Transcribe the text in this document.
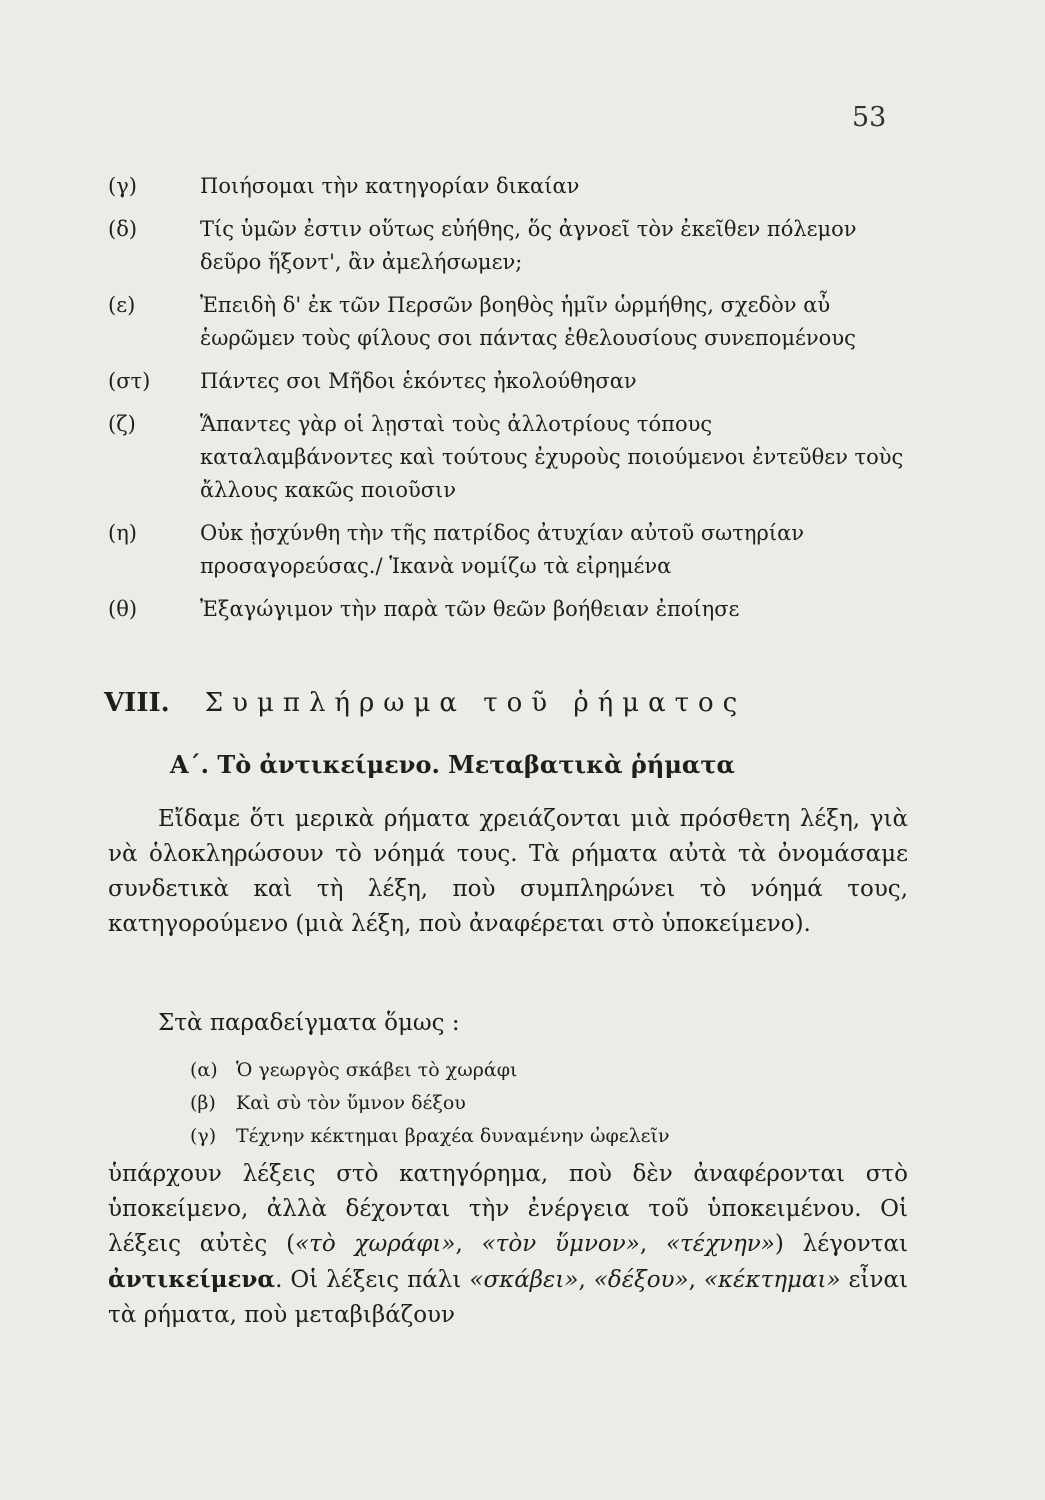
53
(γ)	Ποιήσομαι τὴν κατηγορίαν δικαίαν
(δ)	Τίς ὑμῶν ἐστιν οὕτως εὐήθης, ὅς ἀγνοεῖ τὸν ἐκεῖθεν πόλεμον δεῦρο ἥξοντ', ἂν ἀμελήσωμεν;
(ε)	Ἐπειδὴ δ' ἐκ τῶν Περσῶν βοηθὸς ἡμῖν ὡρμήθης, σχεδὸν αὖ ἑωρῶμεν τοὺς φίλους σοι πάντας ἐθελουσίους συνεπομένους
(στ) Πάντες σοι Μῆδοι ἑκόντες ἠκολούθησαν
(ζ)	Ἅπαντες γὰρ οἱ λῃσταὶ τοὺς ἀλλοτρίους τόπους καταλαμβάνοντες καὶ τούτους ἐχυροὺς ποιούμενοι ἐντεῦθεν τοὺς ἄλλους κακῶς ποιοῦσιν
(η)	Οὐκ ᾐσχύνθη τὴν τῆς πατρίδος ἀτυχίαν αὐτοῦ σωτηρίαν προσαγορεύσας./ Ἱκανὰ νομίζω τὰ εἰρημένα
(θ)	Ἐξαγώγιμον τὴν παρὰ τῶν θεῶν βοήθειαν ἐποίησε
VIII. Συμπλήρωμα τοῦ ῥήματος
Α΄. Τὸ ἀντικείμενο. Μεταβατικὰ ῥήματα
Εἴδαμε ὅτι μερικὰ ρήματα χρειάζονται μιὰ πρόσθετη λέξη, γιὰ νὰ ὁλοκληρώσουν τὸ νόημά τους. Τὰ ρήματα αὐτὰ τὰ ὀνομάσαμε συνδετικὰ καὶ τὴ λέξη, ποὺ συμπληρώνει τὸ νόημά τους, κατηγορούμενο (μιὰ λέξη, ποὺ ἀναφέρεται στὸ ὑποκείμενο).
Στὰ παραδείγματα ὅμως :
(α) Ὁ γεωργὸς σκάβει τὸ χωράφι
(β) Καὶ σὺ τὸν ὕμνον δέξου
(γ) Τέχνην κέκτημαι βραχέα δυναμένην ὠφελεῖν
ὑπάρχουν λέξεις στὸ κατηγόρημα, ποὺ δὲν ἀναφέρονται στὸ ὑποκείμενο, ἀλλὰ δέχονται τὴν ἐνέργεια τοῦ ὑποκειμένου. Οἱ λέξεις αὐτὲς («τὸ χωράφι», «τὸν ὕμνον», «τέχνην») λέγονται ἀντικείμενα. Οἱ λέξεις πάλι «σκάβει», «δέξου», «κέκτημαι» εἶναι τὰ ρήματα, ποὺ μεταβιβάζουν
